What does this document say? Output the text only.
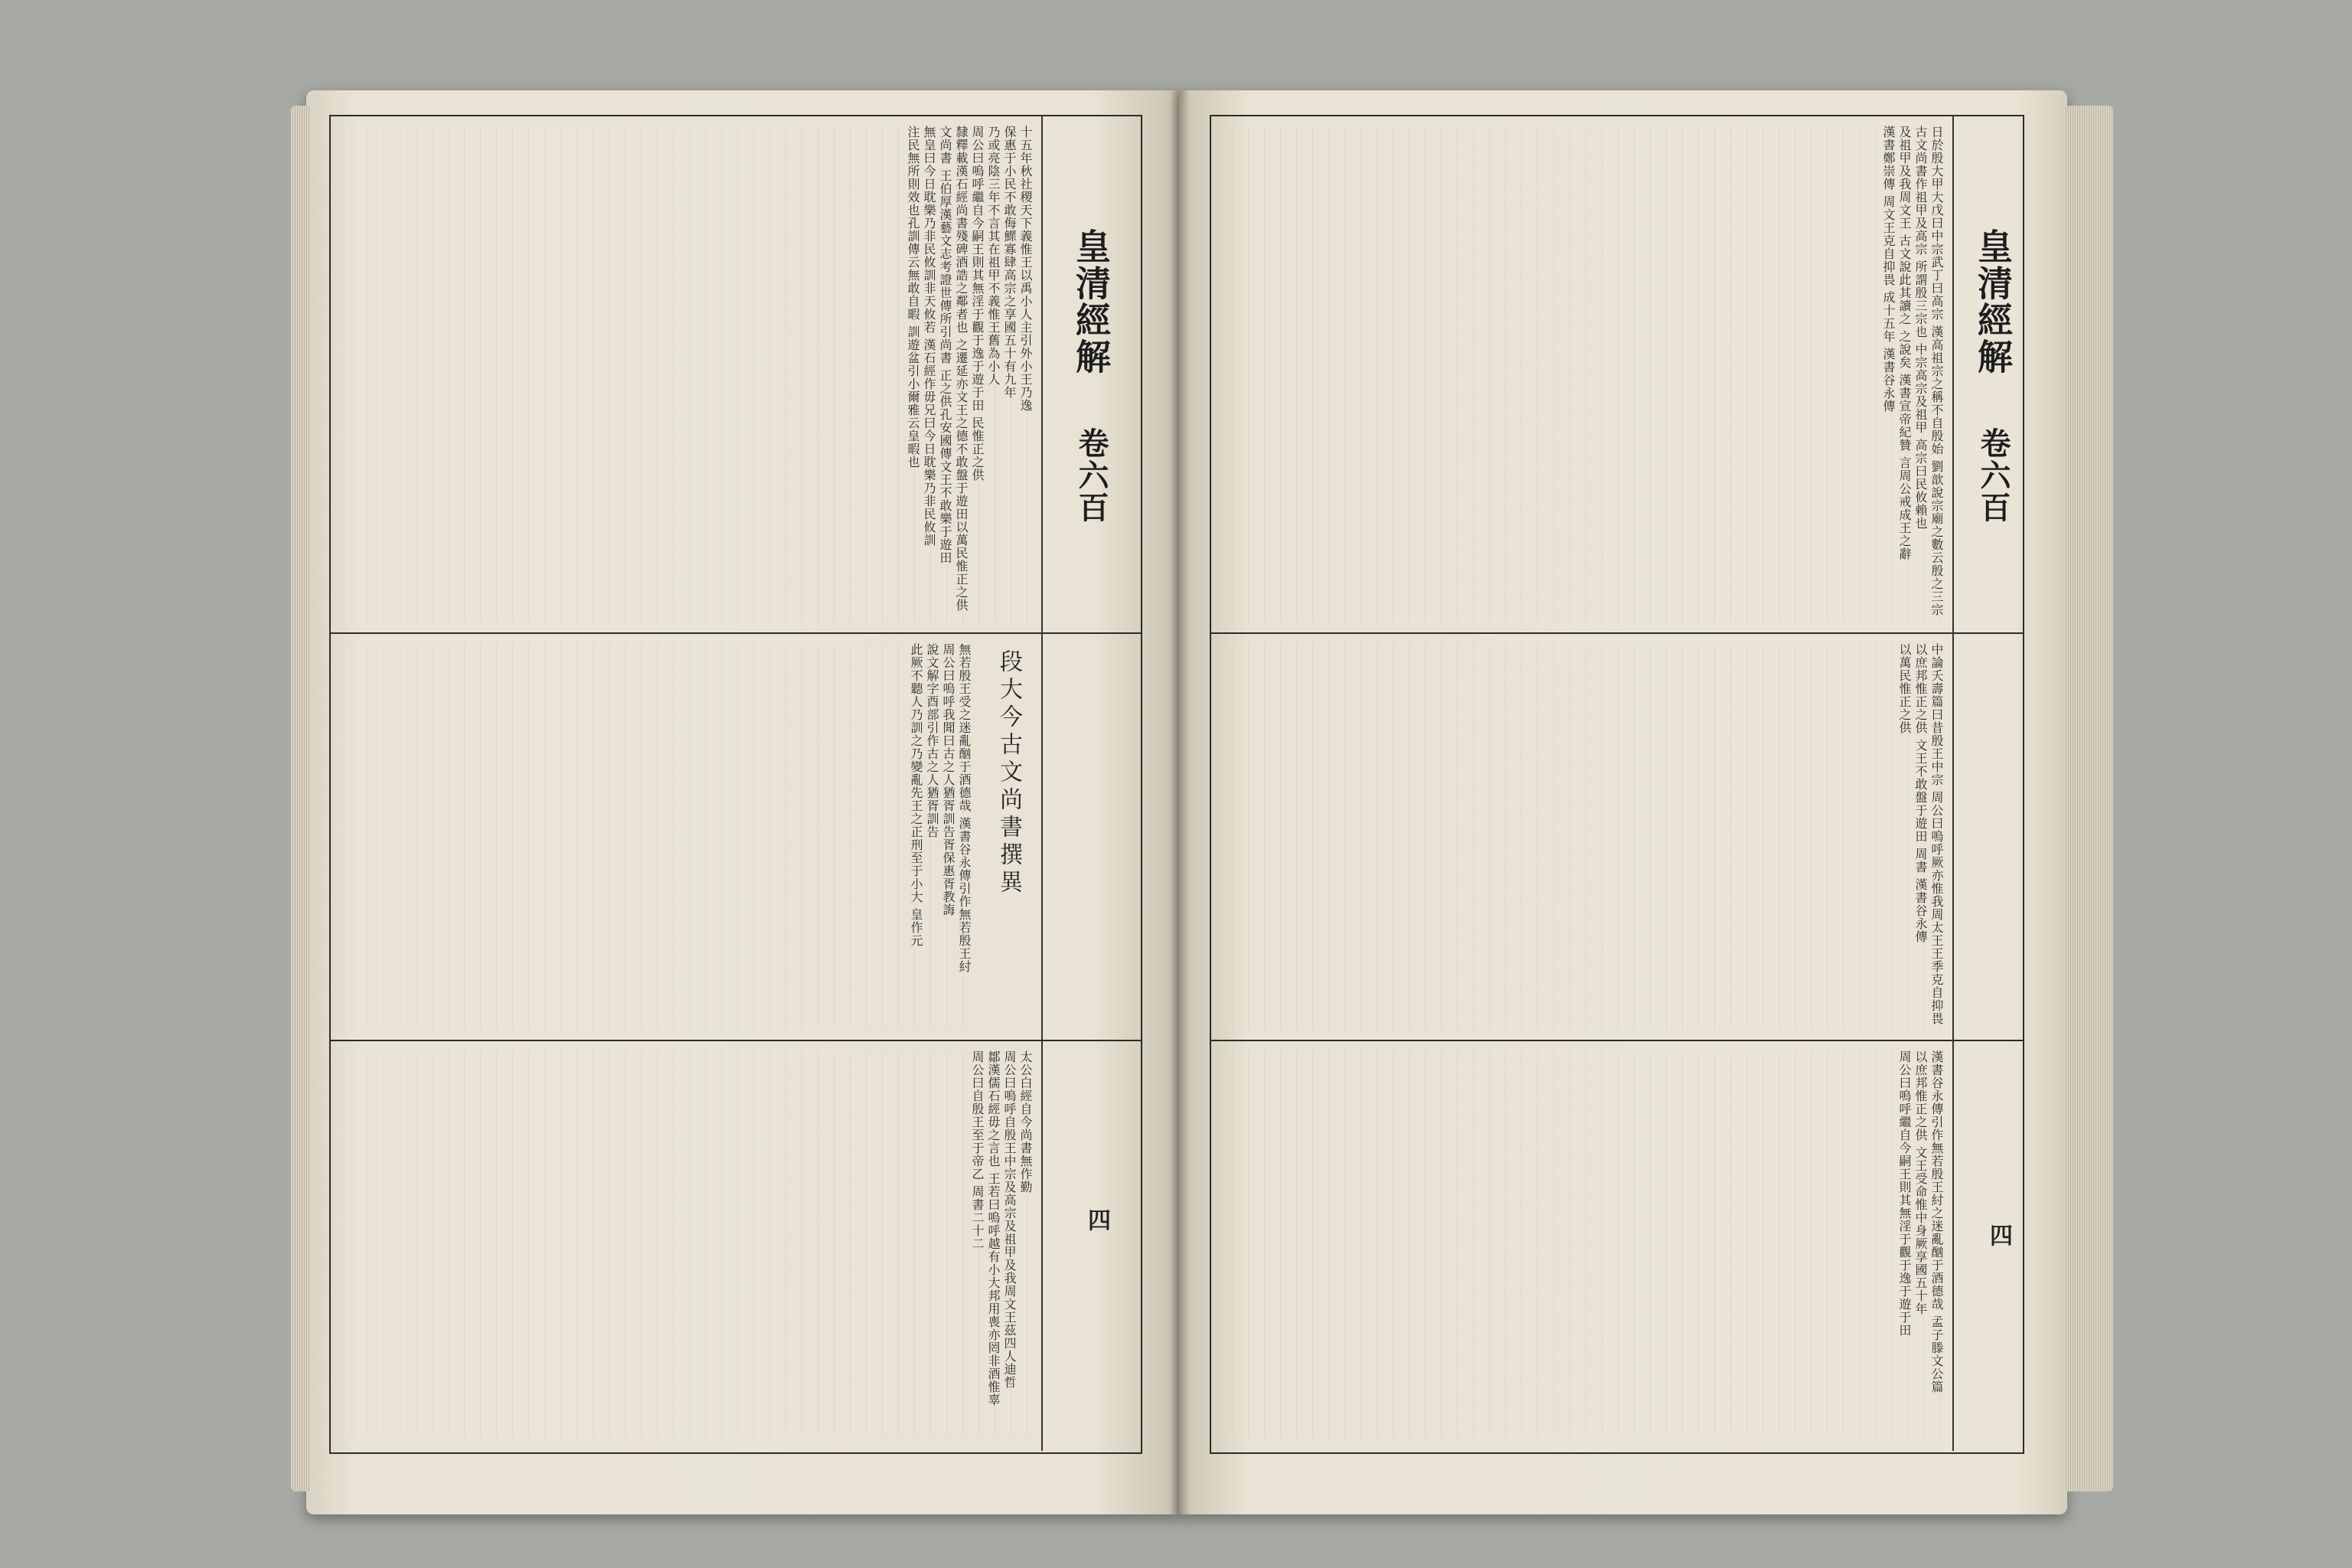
皇清經解
卷六百
四
十五年秋社稷天下義惟王以禹小人主引外小王乃逸 保惠于小民不敢侮鰥寡肆高宗之享國五十有九年 乃或亮陰三年不言其在祖甲不義惟王舊為小人 周公曰嗚呼繼自今嗣王則其無淫于觀于逸于遊于田 民惟正之供 隸釋載漢石經尚書殘碑酒誥之鄰者也 之遷延亦文王之德不敢盤于遊田以萬民惟正之供 文尚書 王伯厚漢藝文志考證世傳所引尚書 正之供孔安國傳文王不敢樂于遊田 無皇曰今日耽樂乃非民攸訓非天攸若 漢石經作毋兄曰今日耽樂乃非民攸訓 注民無所則效也孔訓傳云無敢自暇 訓遊盆引小爾雅云皇暇也
段大今古文尚書撰異
無若殷王受之迷亂酗于酒德哉 漢書谷永傳引作無若殷王紂 周公曰嗚呼我聞曰古之人猶胥訓告胥保惠胥教誨 說文解字酉部引作古之人猶胥訓告 此厥不聽人乃訓之乃變亂先王之正刑至于小大 皇作元
太公白經自今尚書無作勤 周公曰嗚呼自殷王中宗及高宗及祖甲及我周文王茲四人迪哲 鄒漢儒石經毋之言也 王若曰嗚呼越有小大邦用喪亦罔非酒惟辜 周公曰自殷王至于帝乙 周書二十二
皇清經解
卷六百
四
日於殷大甲大戊曰中宗武丁曰高宗 漢高祖宗之稱不自殷始 劉歆說宗廟之數云殷之三宗 古文尚書作祖甲及高宗 所謂殷三宗也 中宗高宗及祖甲 高宗曰民攸賴也 及祖甲及我周文王 古文說此其讀之 之說矣 漢書宣帝紀贊 言周公戒成王之辭 漢書鄭崇傳 周文王克自抑畏 成十五年 漢書谷永傳
中論夭壽篇曰昔殷王中宗 周公曰嗚呼厥亦惟我周太王王季克自抑畏 以庶邦惟正之供 文王不敢盤于遊田 周書 漢書谷永傳 以萬民惟正之供
漢書谷永傳引作無若殷王紂之迷亂酗于酒德哉 孟子滕文公篇 以庶邦惟正之供 文王受命惟中身厥享國五十年 周公曰嗚呼繼自今嗣王則其無淫于觀于逸于遊于田
